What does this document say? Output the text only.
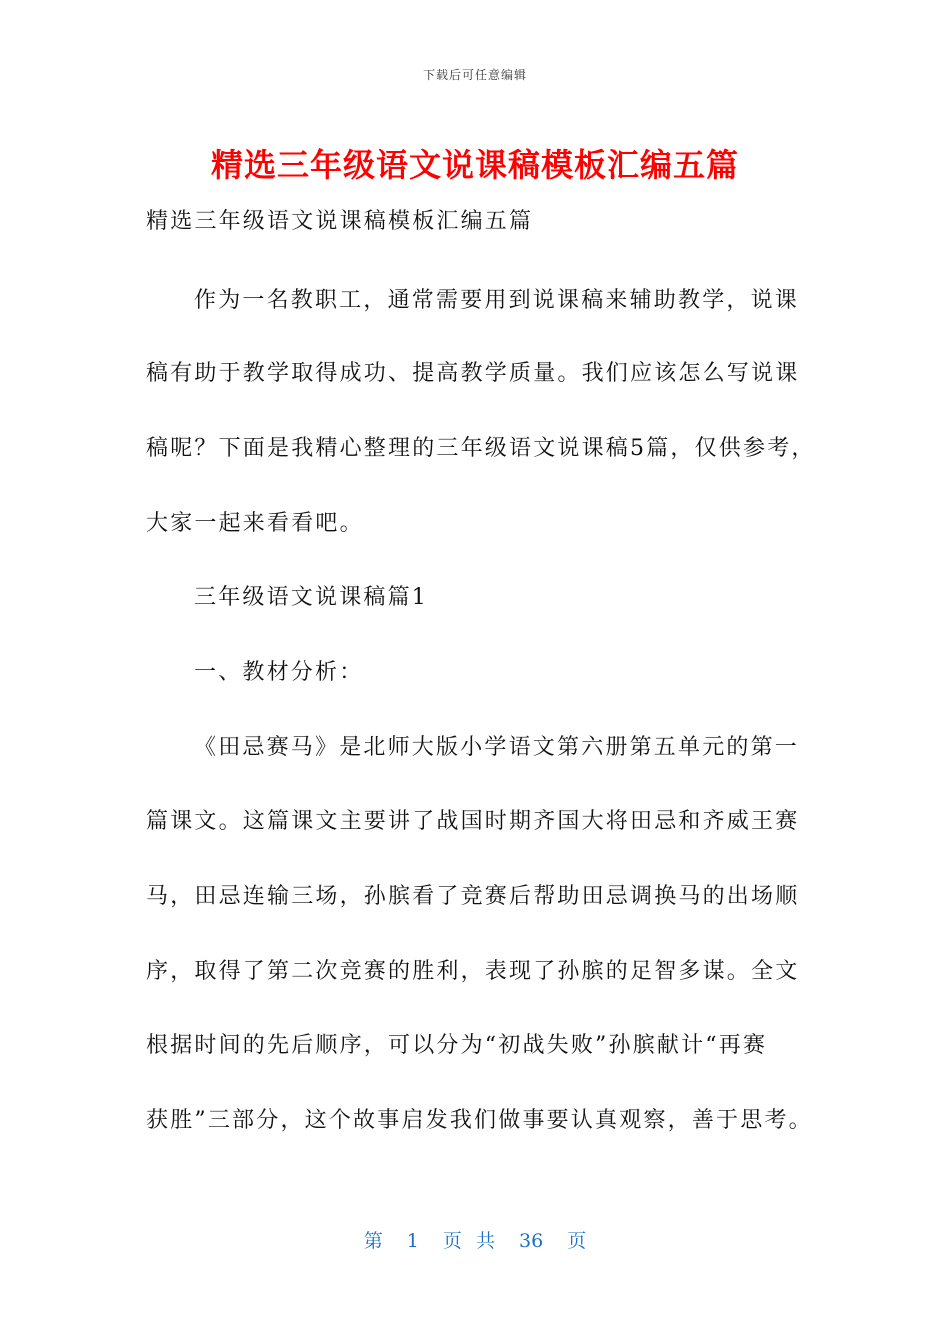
下载后可任意编辑
精选三年级语文说课稿模板汇编五篇
精选三年级语文说课稿模板汇编五篇
作为一名教职工，通常需要用到说课稿来辅助教学，说课
稿有助于教学取得成功、提高教学质量。我们应该怎么写说课
稿呢？下面是我精心整理的三年级语文说课稿5篇，仅供参考，
大家一起来看看吧。
三年级语文说课稿篇1
一、教材分析：
《田忌赛马》是北师大版小学语文第六册第五单元的第一
篇课文。这篇课文主要讲了战国时期齐国大将田忌和齐威王赛
马，田忌连输三场，孙膑看了竞赛后帮助田忌调换马的出场顺
序，取得了第二次竞赛的胜利，表现了孙膑的足智多谋。全文
根据时间的先后顺序，可以分为“初战失败”孙膑献计“再赛
获胜”三部分，这个故事启发我们做事要认真观察，善于思考。
第 1 页 共 36 页
